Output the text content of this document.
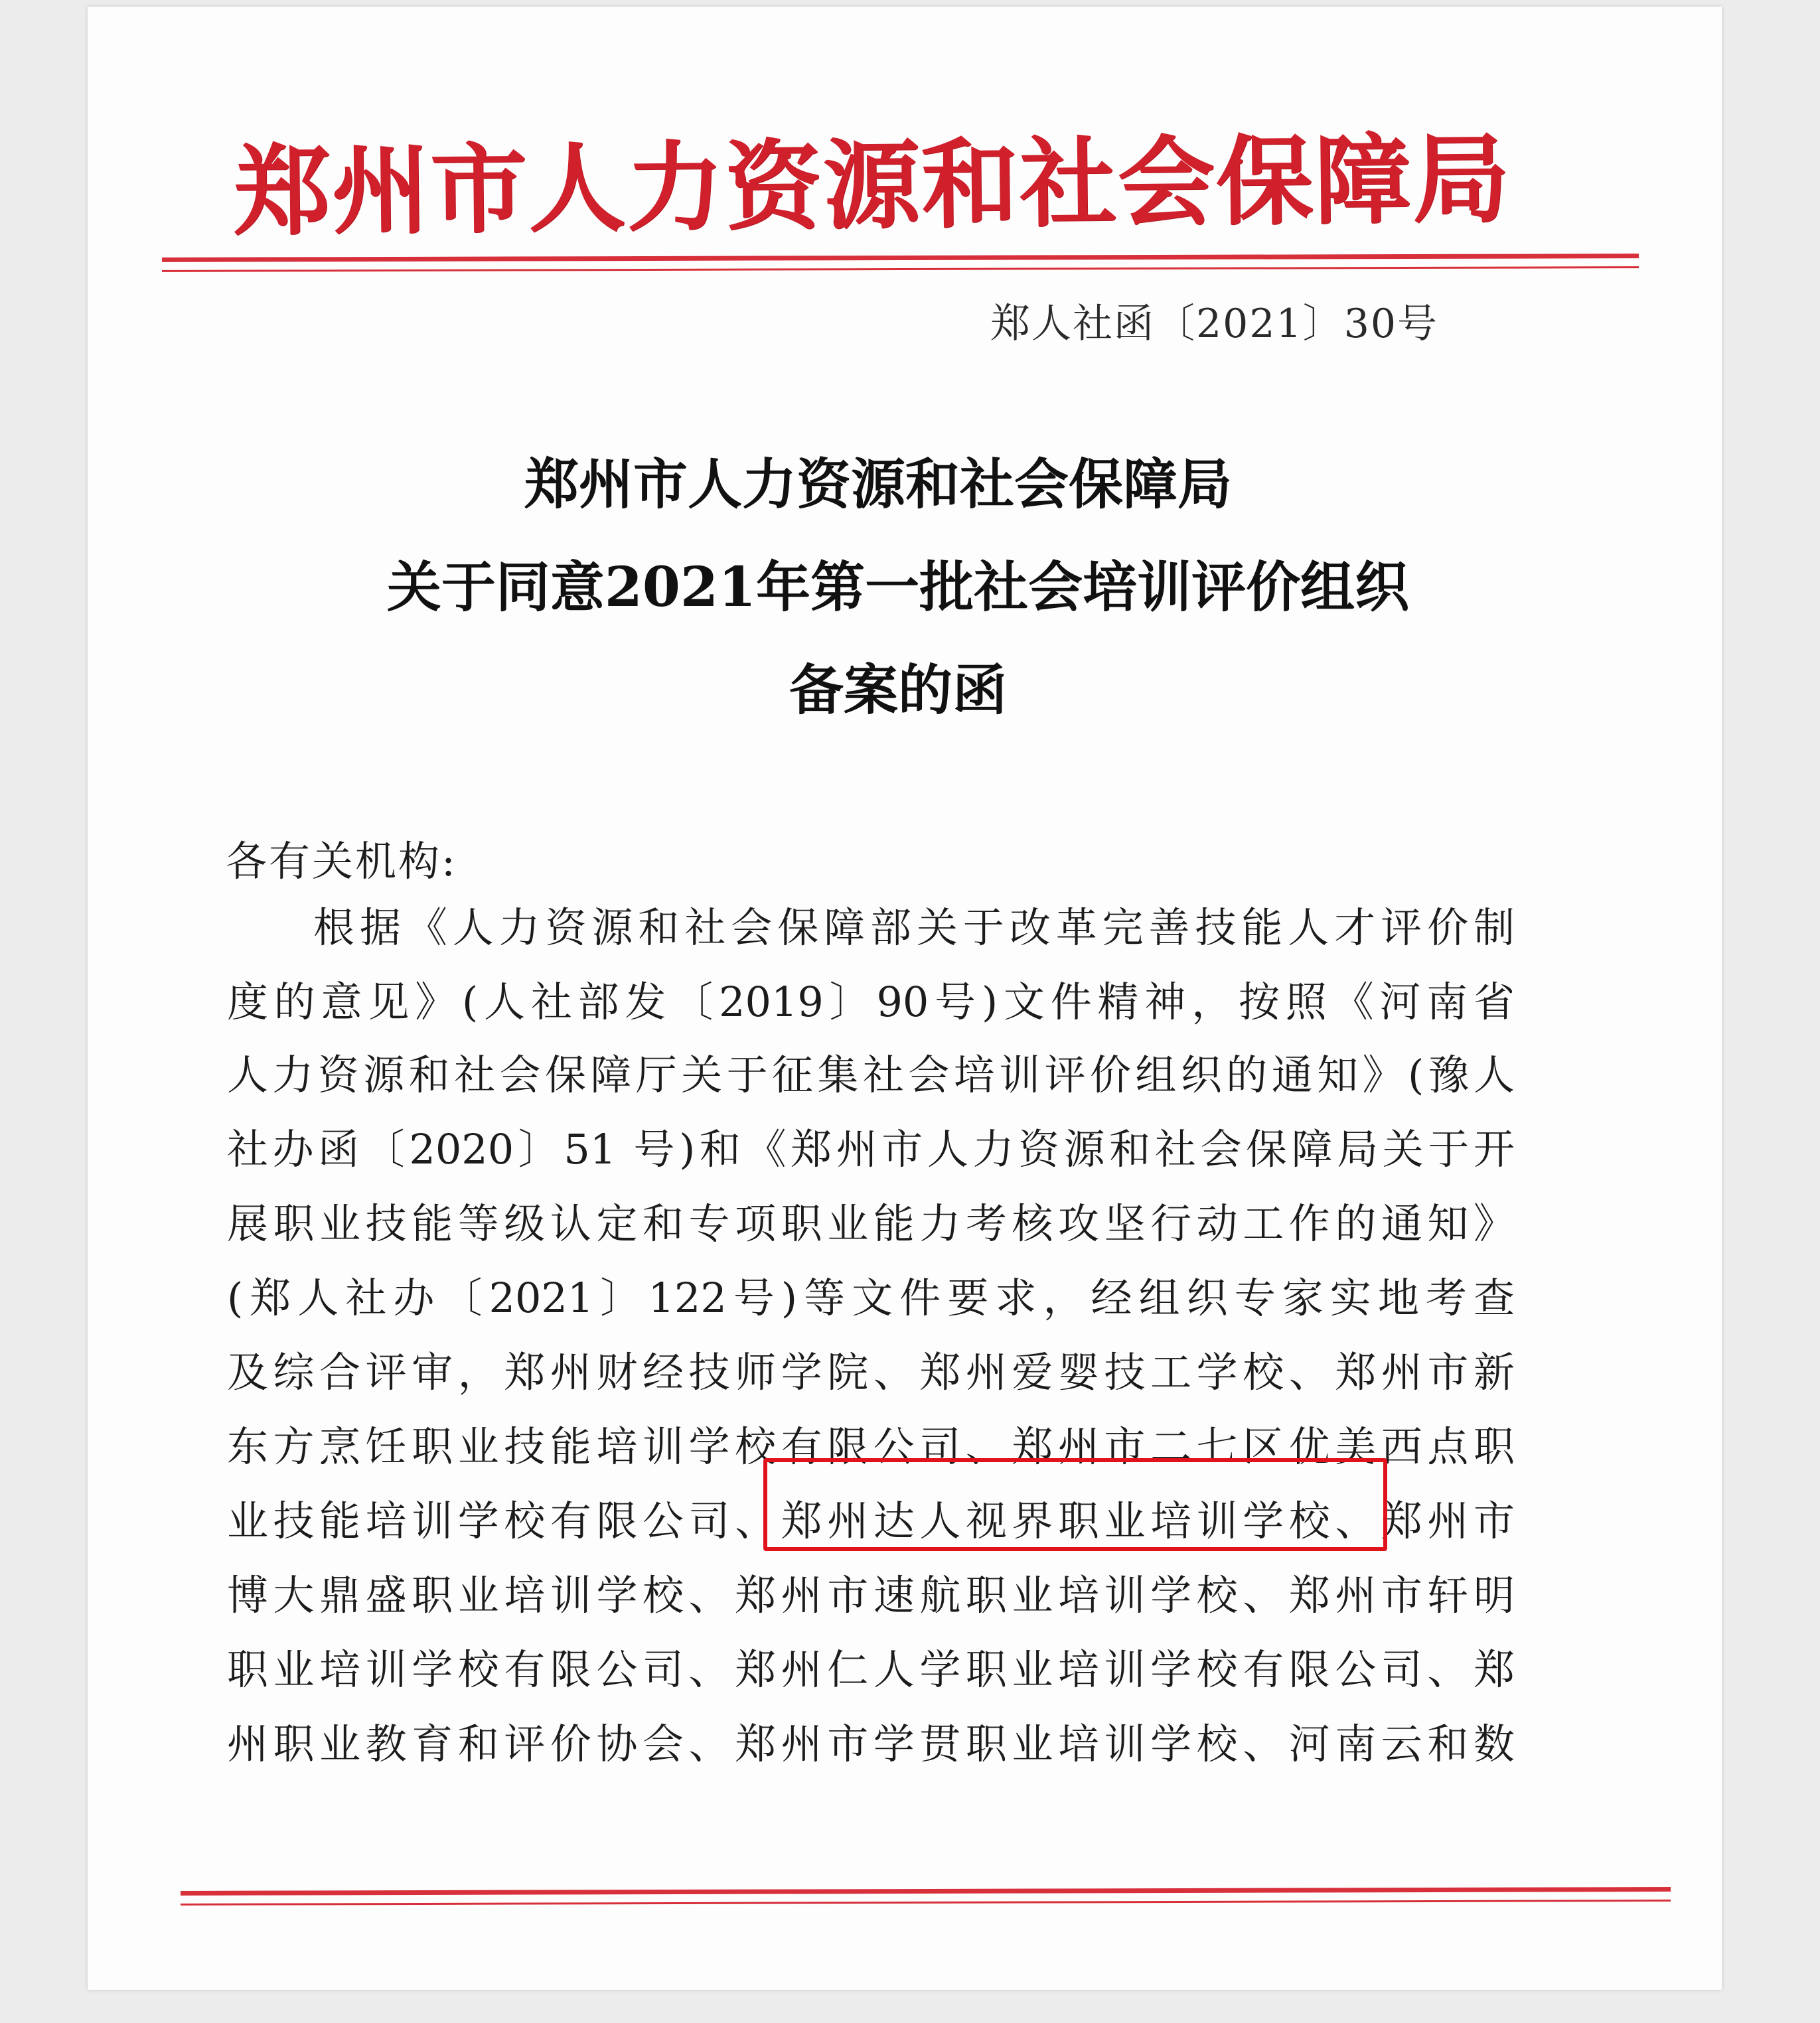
郑州市人力资源和社会保障局
郑人社函〔2021〕30号
郑州市人力资源和社会保障局
关于同意2021年第一批社会培训评价组织
备案的函
各有关机构:
根据《人力资源和社会保障部关于改革完善技能人才评价制
度的意见》(人社部发〔2019〕90号)文件精神，按照《河南省
人力资源和社会保障厅关于征集社会培训评价组织的通知》(豫人
社办函〔2020〕51 号)和《郑州市人力资源和社会保障局关于开
展职业技能等级认定和专项职业能力考核攻坚行动工作的通知》
(郑人社办〔2021〕122号)等文件要求，经组织专家实地考查
及综合评审，郑州财经技师学院、郑州爱婴技工学校、郑州市新
东方烹饪职业技能培训学校有限公司、郑州市二七区优美西点职
业技能培训学校有限公司、郑州达人视界职业培训学校、郑州市
博大鼎盛职业培训学校、郑州市速航职业培训学校、郑州市轩明
职业培训学校有限公司、郑州仁人学职业培训学校有限公司、郑
州职业教育和评价协会、郑州市学贯职业培训学校、河南云和数
